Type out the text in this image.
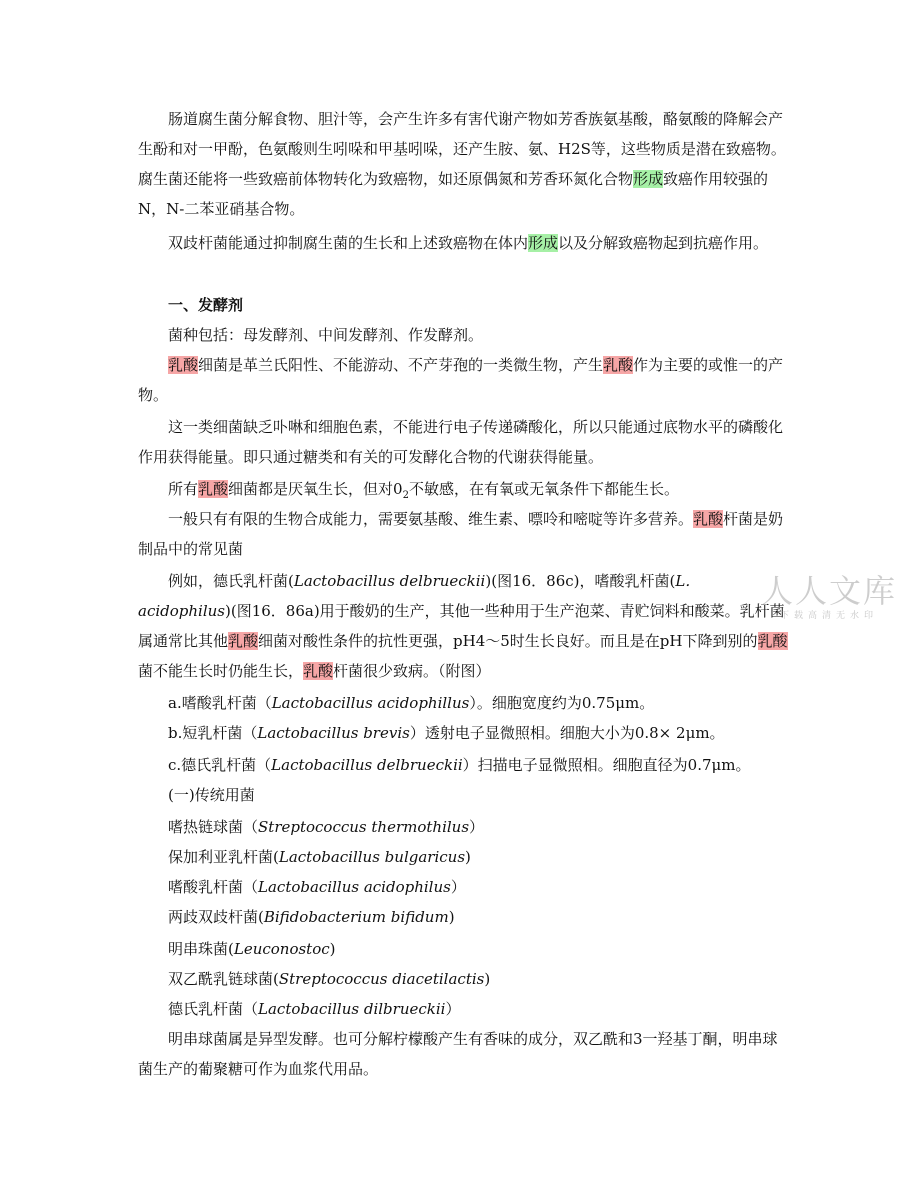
肠道腐生菌分解食物、胆汁等，会产生许多有害代谢产物如芳香族氨基酸，酪氨酸的降解会产生酚和对一甲酚，色氨酸则生吲哚和甲基吲哚，还产生胺、氨、H2S等，这些物质是潜在致癌物。腐生菌还能将一些致癌前体物转化为致癌物，如还原偶氮和芳香环氮化合物形成致癌作用较强的N，N-二苯亚硝基合物。

双歧杆菌能通过抑制腐生菌的生长和上述致癌物在体内形成以及分解致癌物起到抗癌作用。

一、发酵剂

菌种包括：母发酵剂、中间发酵剂、作发酵剂。

乳酸细菌是革兰氏阳性、不能游动、不产芽孢的一类微生物，产生乳酸作为主要的或惟一的产物。

这一类细菌缺乏卟啉和细胞色素，不能进行电子传递磷酸化，所以只能通过底物水平的磷酸化作用获得能量。即只通过糖类和有关的可发酵化合物的代谢获得能量。

所有乳酸细菌都是厌氧生长，但对$0_2$不敏感，在有氧或无氧条件下都能生长。

一般只有有限的生物合成能力，需要氨基酸、维生素、嘌呤和嘧啶等许多营养。乳酸杆菌是奶制品中的常见菌

例如，德氏乳杆菌(Lactobacillus delbrueckii)(图16．86c)，嗜酸乳杆菌(L．acidophilus)(图16．86a)用于酸奶的生产，其他一些种用于生产泡菜、青贮饲料和酸菜。乳杆菌属通常比其他乳酸细菌对酸性条件的抗性更强，pH4～5时生长良好。而且是在pH下降到别的乳酸菌不能生长时仍能生长，乳酸杆菌很少致病。（附图）

a.嗜酸乳杆菌（Lactobacillus acidophillus）。细胞宽度约为0.75μm。

b.短乳杆菌（Lactobacillus brevis）透射电子显微照相。细胞大小为0.8× 2μm。

c.德氏乳杆菌（Lactobacillus delbrueckii）扫描电子显微照相。细胞直径为0.7μm。

(一)传统用菌

嗜热链球菌（Streptococcus thermothilus）

保加利亚乳杆菌(Lactobacillus bulgaricus)

嗜酸乳杆菌（Lactobacillus acidophilus）

两歧双歧杆菌(Bifidobacterium bifidum)

明串珠菌(Leuconostoc)

双乙酰乳链球菌(Streptococcus diacetilactis)

德氏乳杆菌（Lactobacillus dilbrueckii）

明串球菌属是异型发酵。也可分解柠檬酸产生有香味的成分，双乙酰和3一羟基丁酮，明串球菌生产的葡聚糖可作为血浆代用品。

人人文库
下载高清无水印
